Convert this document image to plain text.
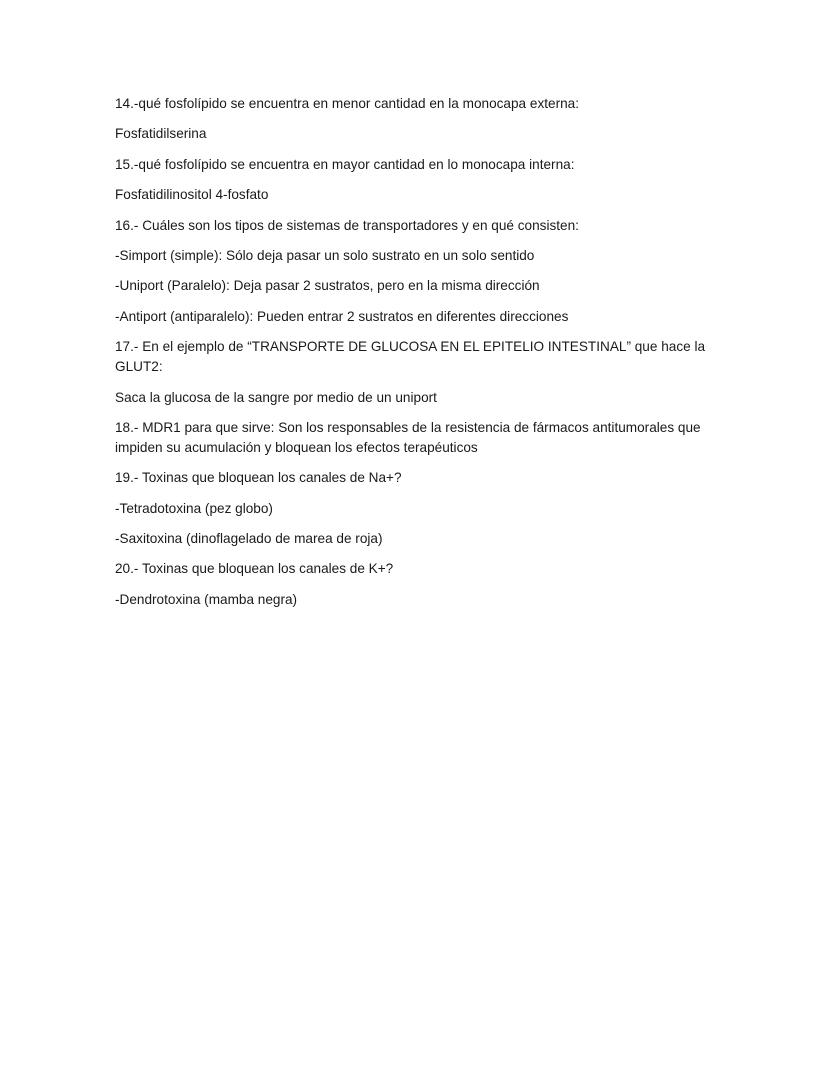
14.-qué fosfolípido se encuentra en menor cantidad en la monocapa externa:

Fosfatidilserina

15.-qué fosfolípido se encuentra en mayor cantidad en lo monocapa interna:

Fosfatidilinositol 4-fosfato

16.- Cuáles son los tipos de sistemas de transportadores y en qué consisten:

-Simport (simple): Sólo deja pasar un solo sustrato en un solo sentido

-Uniport (Paralelo): Deja pasar 2 sustratos, pero en la misma dirección

-Antiport (antiparalelo): Pueden entrar 2 sustratos en diferentes direcciones

17.- En el ejemplo de “TRANSPORTE DE GLUCOSA EN EL EPITELIO INTESTINAL” que hace la GLUT2:

Saca la glucosa de la sangre por medio de un uniport

18.- MDR1 para que sirve: Son los responsables de la resistencia de fármacos antitumorales que impiden su acumulación y bloquean los efectos terapéuticos

19.- Toxinas que bloquean los canales de Na+?

-Tetradotoxina (pez globo)

-Saxitoxina (dinoflagelado de marea de roja)

20.- Toxinas que bloquean los canales de K+?

-Dendrotoxina (mamba negra)
